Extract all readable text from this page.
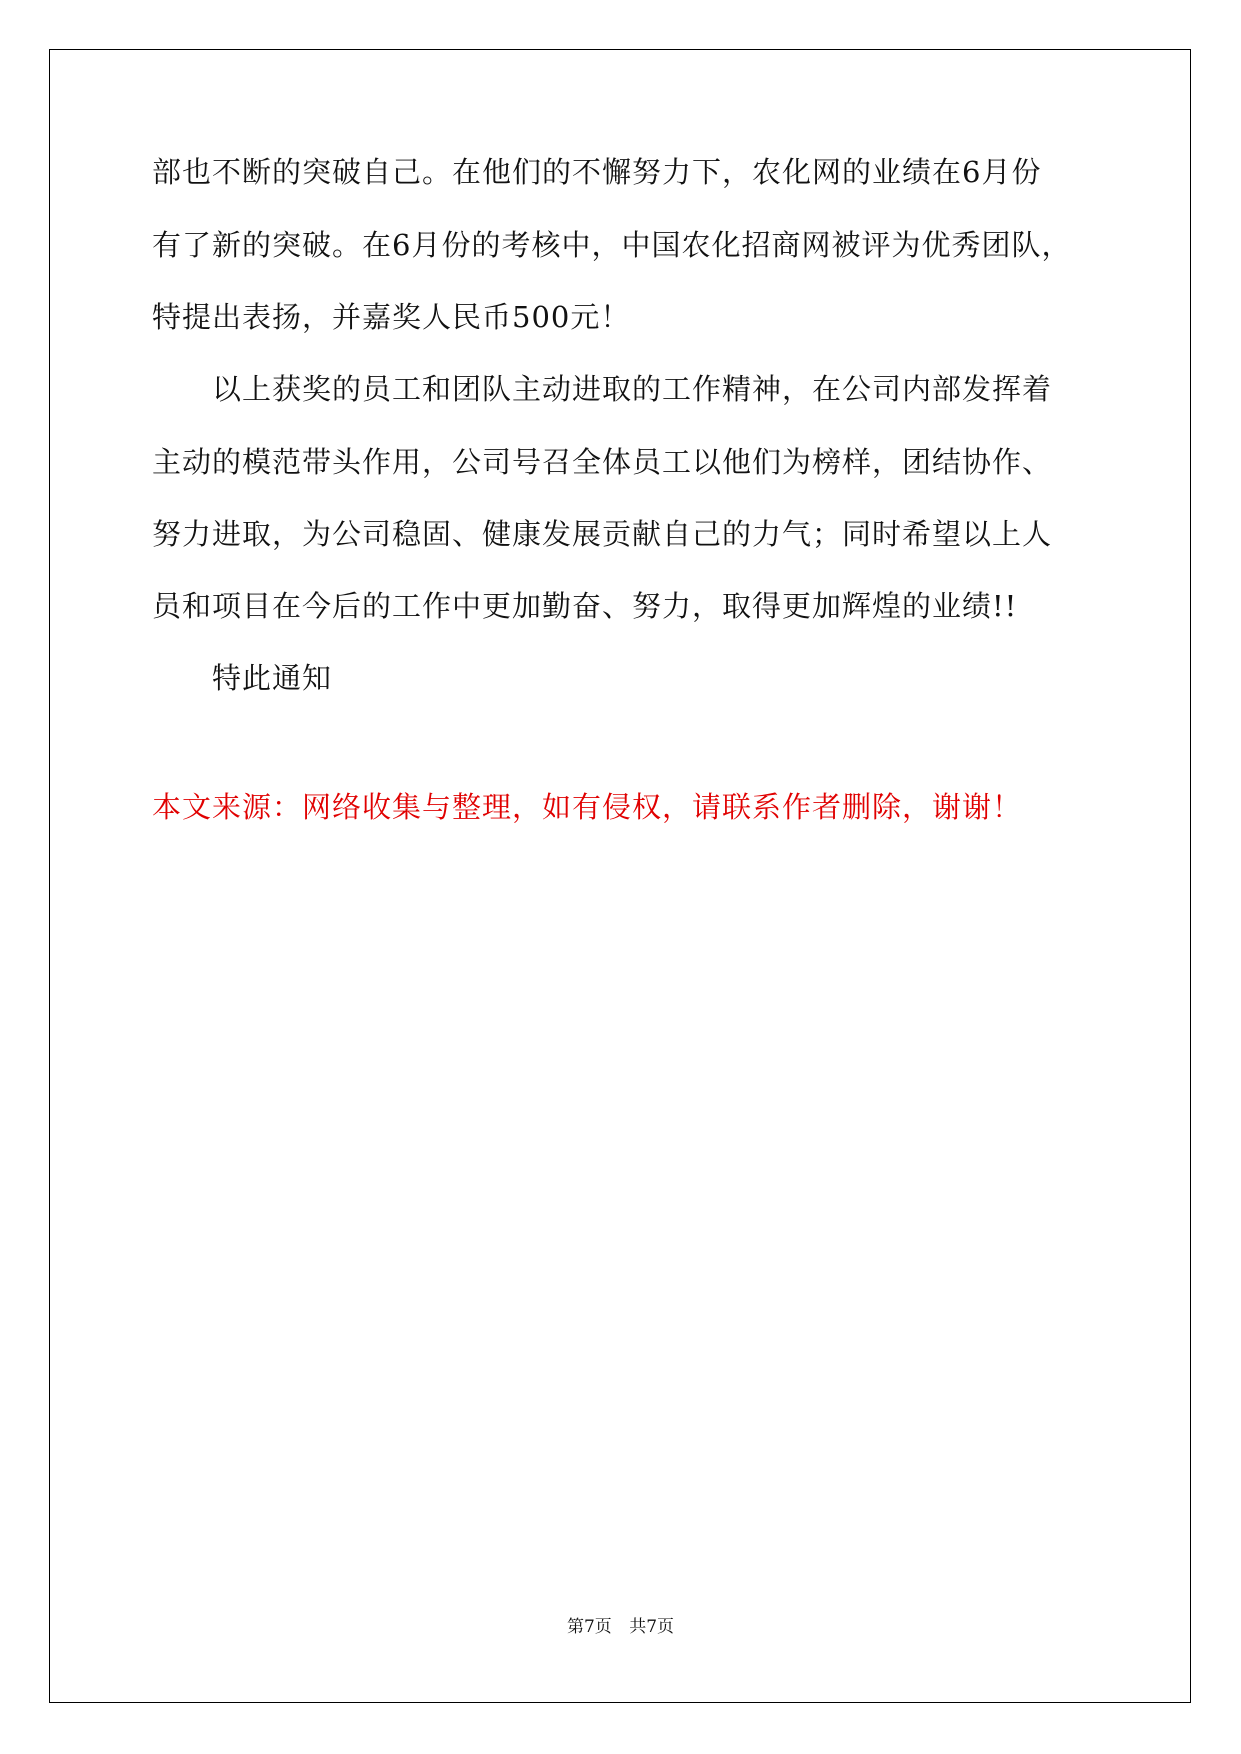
部也不断的突破自己。在他们的不懈努力下，农化网的业绩在6月份
有了新的突破。在6月份的考核中，中国农化招商网被评为优秀团队，
特提出表扬，并嘉奖人民币500元！
以上获奖的员工和团队主动进取的工作精神，在公司内部发挥着
主动的模范带头作用，公司号召全体员工以他们为榜样，团结协作、
努力进取，为公司稳固、健康发展贡献自己的力气；同时希望以上人
员和项目在今后的工作中更加勤奋、努力，取得更加辉煌的业绩!!
特此通知
本文来源：网络收集与整理，如有侵权，请联系作者删除，谢谢！
第7页 共7页
